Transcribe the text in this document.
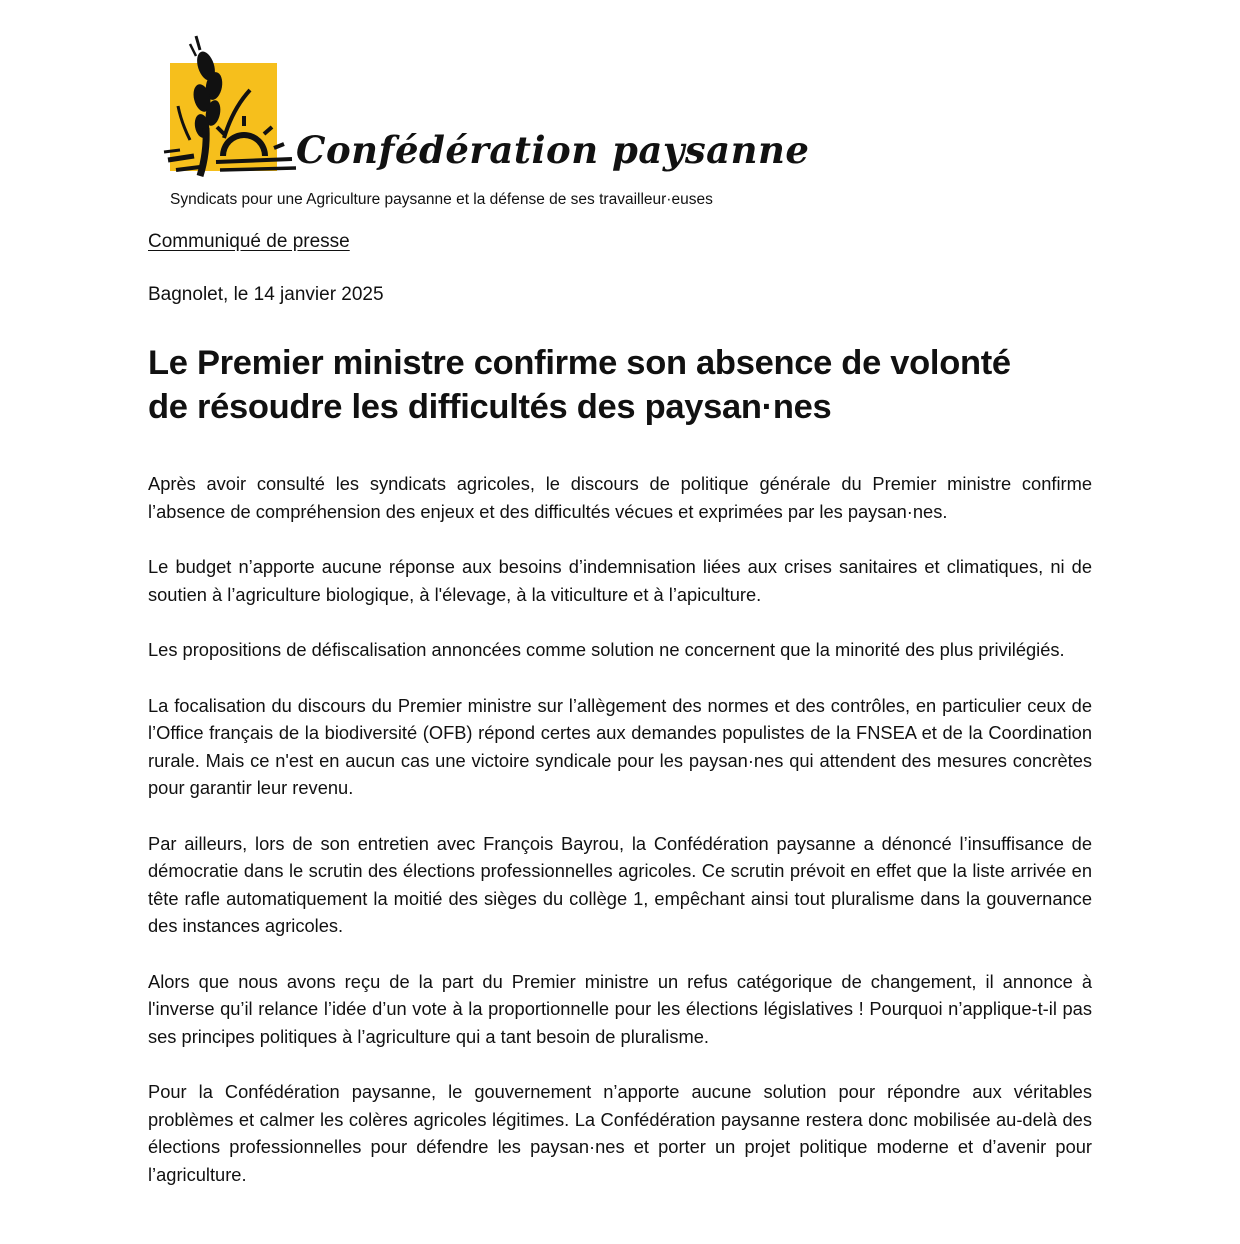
Confédération paysanne
Syndicats pour une Agriculture paysanne et la défense de ses travailleur·euses
Communiqué de presse
Bagnolet, le 14 janvier 2025
Le Premier ministre confirme son absence de volonté
de résoudre les difficultés des paysan·nes

Après avoir consulté les syndicats agricoles, le discours de politique générale du Premier ministre confirme l’absence de compréhension des enjeux et des difficultés vécues et exprimées par les paysan·nes.

Le budget n’apporte aucune réponse aux besoins d’indemnisation liées aux crises sanitaires et climatiques, ni de soutien à l’agriculture biologique, à l'élevage, à la viticulture et à l’apiculture.

Les propositions de défiscalisation annoncées comme solution ne concernent que la minorité des plus privilégiés.

La focalisation du discours du Premier ministre sur l’allègement des normes et des contrôles, en particulier ceux de l’Office français de la biodiversité (OFB) répond certes aux demandes populistes de la FNSEA et de la Coordination rurale. Mais ce n'est en aucun cas une victoire syndicale pour les paysan·nes qui attendent des mesures concrètes pour garantir leur revenu.

Par ailleurs, lors de son entretien avec François Bayrou, la Confédération paysanne a dénoncé l’insuffisance de démocratie dans le scrutin des élections professionnelles agricoles. Ce scrutin prévoit en effet que la liste arrivée en tête rafle automatiquement la moitié des sièges du collège 1, empêchant ainsi tout pluralisme dans la gouvernance des instances agricoles.

Alors que nous avons reçu de la part du Premier ministre un refus catégorique de changement, il annonce à l'inverse qu’il relance l’idée d’un vote à la proportionnelle pour les élections législatives ! Pourquoi n’applique-t-il pas ses principes politiques à l’agriculture qui a tant besoin de pluralisme.

Pour la Confédération paysanne, le gouvernement n’apporte aucune solution pour répondre aux véritables problèmes et calmer les colères agricoles légitimes. La Confédération paysanne restera donc mobilisée au-delà des élections professionnelles pour défendre les paysan·nes et porter un projet politique moderne et d’avenir pour l’agriculture.
